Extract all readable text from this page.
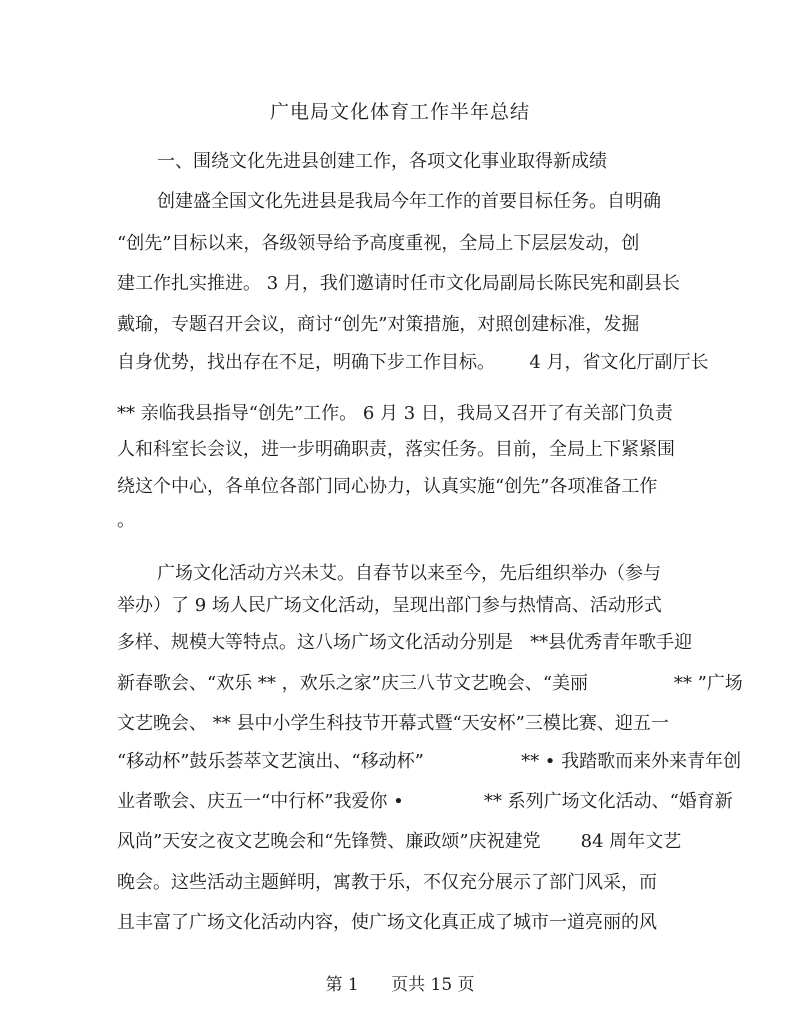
广电局文化体育工作半年总结
一、围绕文化先进县创建工作，各项文化事业取得新成绩
创建盛全国文化先进县是我局今年工作的首要目标任务。自明确
“创先”目标以来，各级领导给予高度重视，全局上下层层发动，创
建工作扎实推进。 3 月，我们邀请时任市文化局副局长陈民宪和副县长
戴瑜，专题召开会议，商讨“创先”对策措施，对照创建标准，发掘
自身优势，找出存在不足，明确下步工作目标。      4 月，省文化厅副厅长
** 亲临我县指导“创先”工作。 6 月 3 日，我局又召开了有关部门负责
人和科室长会议，进一步明确职责，落实任务。目前，全局上下紧紧围
绕这个中心，各单位各部门同心协力，认真实施“创先”各项准备工作
。
广场文化活动方兴未艾。自春节以来至今，先后组织举办（参与
举办）了 9 场人民广场文化活动，呈现出部门参与热情高、活动形式
多样、规模大等特点。这八场广场文化活动分别是   **县优秀青年歌手迎
新春歌会、“欢乐 ** ，欢乐之家”庆三八节文艺晚会、“美丽               ** ”广场
文艺晚会、 ** 县中小学生科技节开幕式暨“天安杯”三模比赛、迎五一
“移动杯”鼓乐荟萃文艺演出、“移动杯”                 ** • 我踏歌而来外来青年创
业者歌会、庆五一“中行杯”我爱你 •              ** 系列广场文化活动、“婚育新
风尚”天安之夜文艺晚会和“先锋赞、廉政颂”庆祝建党       84 周年文艺
晚会。这些活动主题鲜明，寓教于乐，不仅充分展示了部门风采，而
且丰富了广场文化活动内容，使广场文化真正成了城市一道亮丽的风
第 1      页共 15 页
